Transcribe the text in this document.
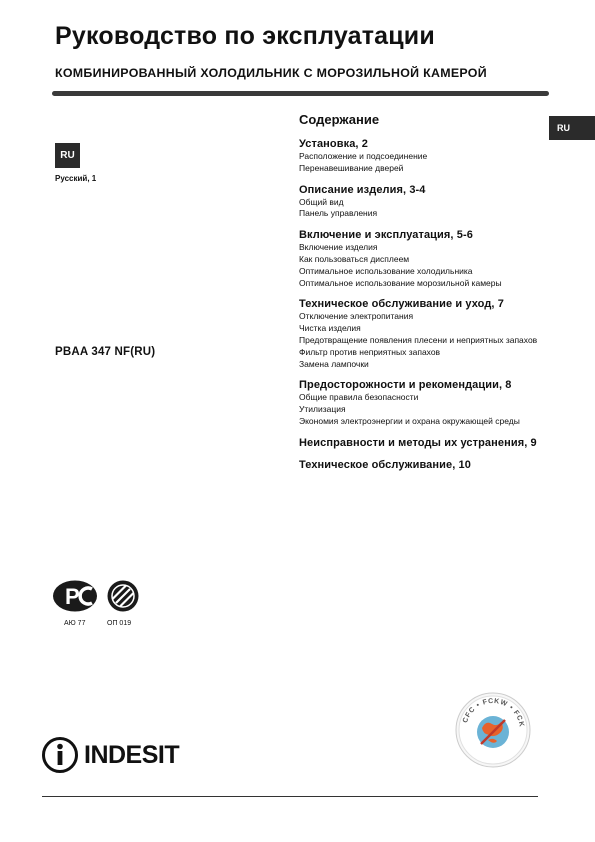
Руководство по эксплуатации
КОМБИНИРОВАННЫЙ ХОЛОДИЛЬНИК С МОРОЗИЛЬНОЙ КАМЕРОЙ
RU
RU
Русский, 1
PBAA 347 NF(RU)
Содержание
Установка, 2
Расположение и подсоединение
Перенавешивание дверей
Описание изделия, 3-4
Общий вид
Панель управления
Включение и эксплуатация, 5-6
Включение изделия
Как пользоваться дисплеем
Оптимальное использование холодильника
Оптимальное использование морозильной камеры
Техническое обслуживание и уход, 7
Отключение электропитания
Чистка изделия
Предотвращение появления плесени и неприятных запахов
Фильтр против неприятных запахов
Замена лампочки
Предосторожности и рекомендации, 8
Общие правила безопасности
Утилизация
Экономия электроэнергии и охрана окружающей среды
Неисправности и методы их устранения, 9
Техническое обслуживание, 10
P
АЮ 77	ОП 019
CFC • FCKW • FCK
INDESIT
